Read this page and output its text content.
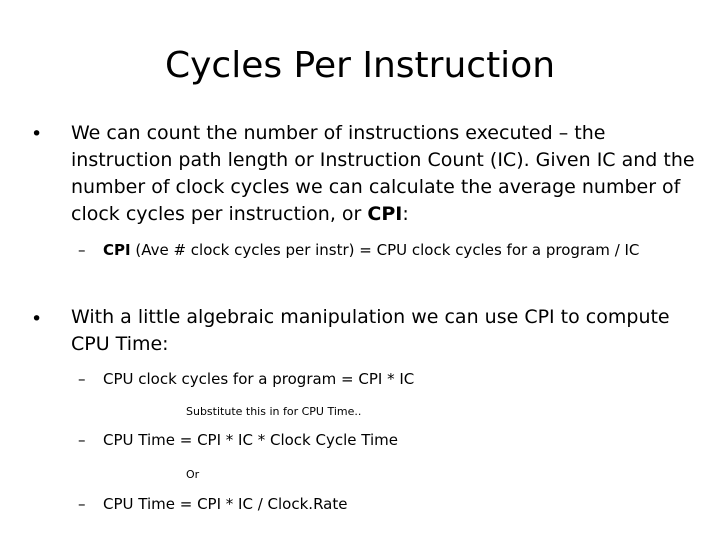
Cycles Per Instruction
• We can count the number of instructions executed – the instruction path length or Instruction Count (IC). Given IC and the number of clock cycles we can calculate the average number of clock cycles per instruction, or CPI:
– CPI (Ave # clock cycles per instr) = CPU clock cycles for a program / IC
• With a little algebraic manipulation we can use CPI to compute CPU Time:
– CPU clock cycles for a program = CPI * IC
Substitute this in for CPU Time..
– CPU Time = CPI * IC * Clock Cycle Time
Or
– CPU Time = CPI * IC / Clock.Rate
